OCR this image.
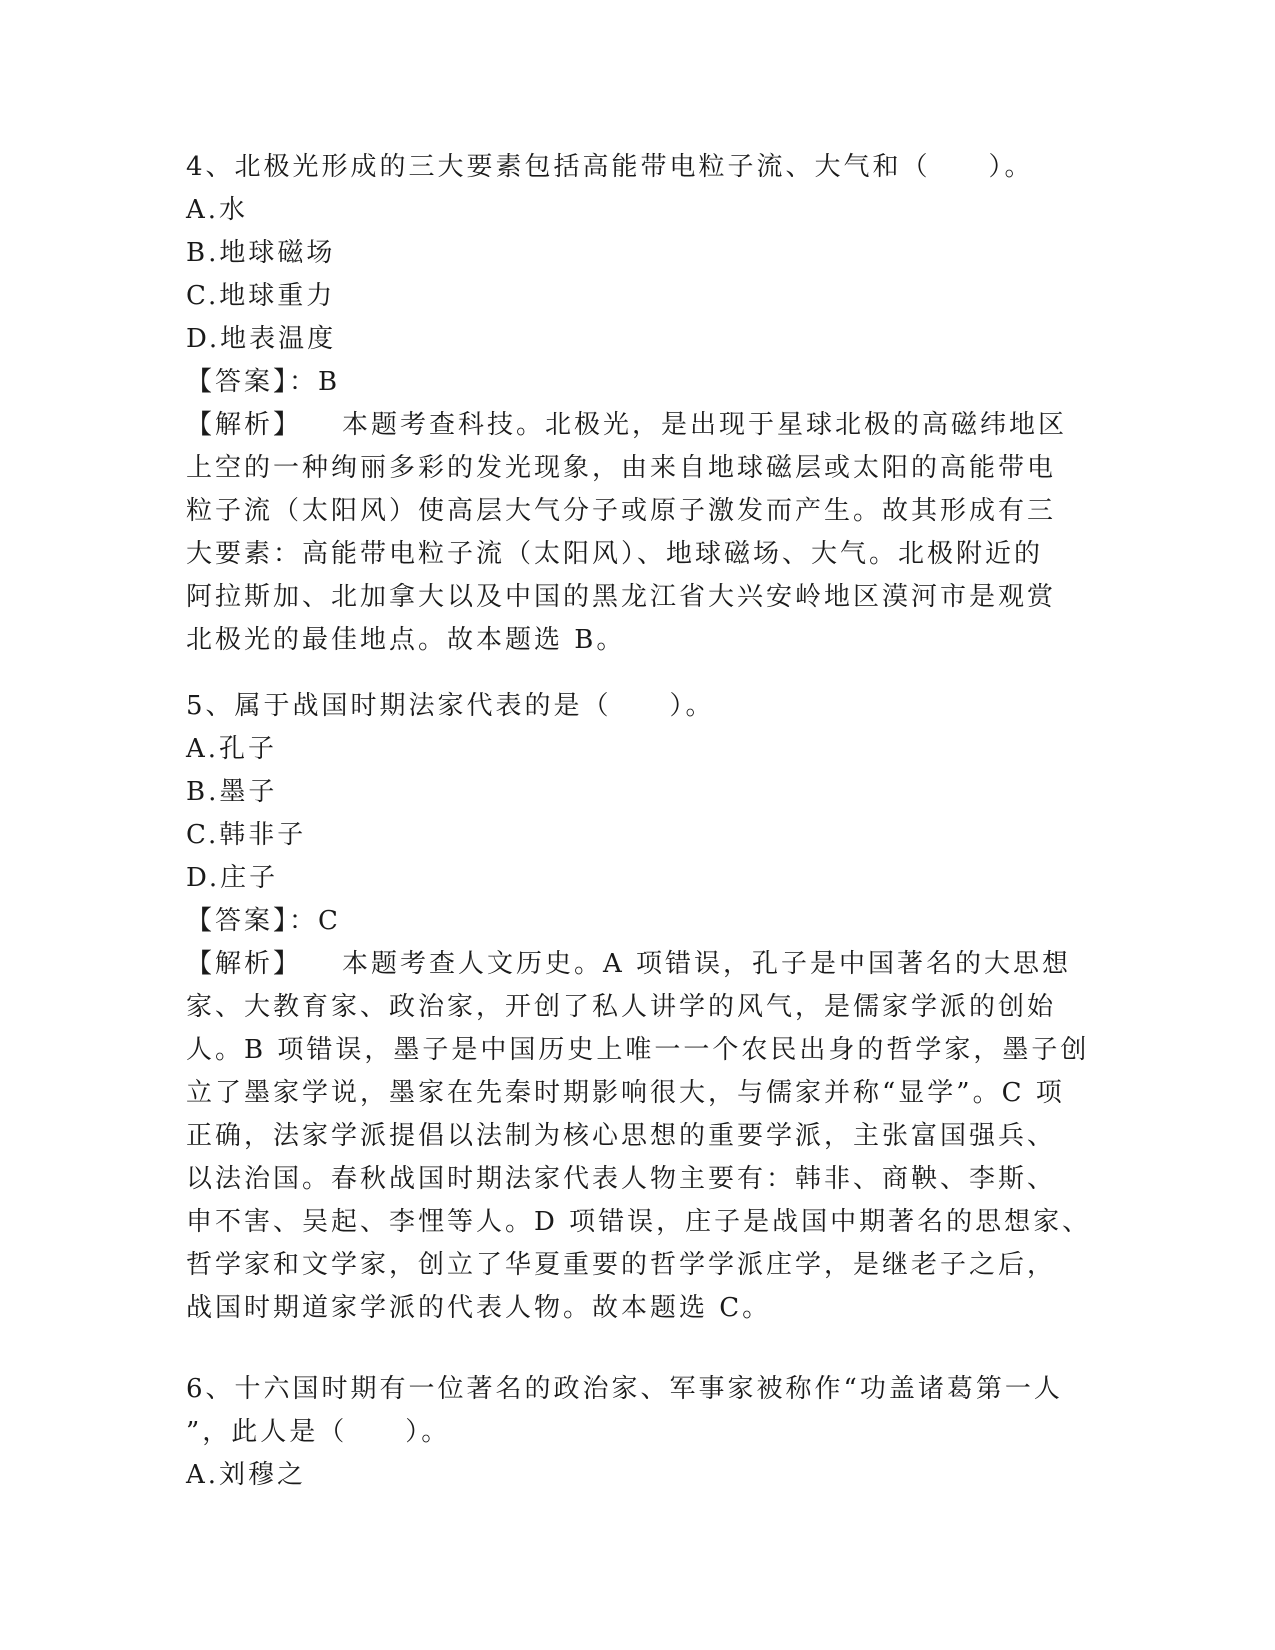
4、北极光形成的三大要素包括高能带电粒子流、大气和（　　）。
A.水
B.地球磁场
C.地球重力
D.地表温度
【答案】：B
【解析】 本题考查科技。北极光，是出现于星球北极的高磁纬地区
上空的一种绚丽多彩的发光现象，由来自地球磁层或太阳的高能带电
粒子流（太阳风）使高层大气分子或原子激发而产生。故其形成有三
大要素：高能带电粒子流（太阳风）、地球磁场、大气。北极附近的
阿拉斯加、北加拿大以及中国的黑龙江省大兴安岭地区漠河市是观赏
北极光的最佳地点。故本题选 B。
5、属于战国时期法家代表的是（　　）。
A.孔子
B.墨子
C.韩非子
D.庄子
【答案】：C
【解析】 本题考查人文历史。A 项错误，孔子是中国著名的大思想
家、大教育家、政治家，开创了私人讲学的风气，是儒家学派的创始
人。B 项错误，墨子是中国历史上唯一一个农民出身的哲学家，墨子创
立了墨家学说，墨家在先秦时期影响很大，与儒家并称“显学”。C 项
正确，法家学派提倡以法制为核心思想的重要学派，主张富国强兵、
以法治国。春秋战国时期法家代表人物主要有：韩非、商鞅、李斯、
申不害、吴起、李悝等人。D 项错误，庄子是战国中期著名的思想家、
哲学家和文学家，创立了华夏重要的哲学学派庄学，是继老子之后，
战国时期道家学派的代表人物。故本题选 C。
6、十六国时期有一位著名的政治家、军事家被称作“功盖诸葛第一人
”，此人是（　　）。
A.刘穆之
